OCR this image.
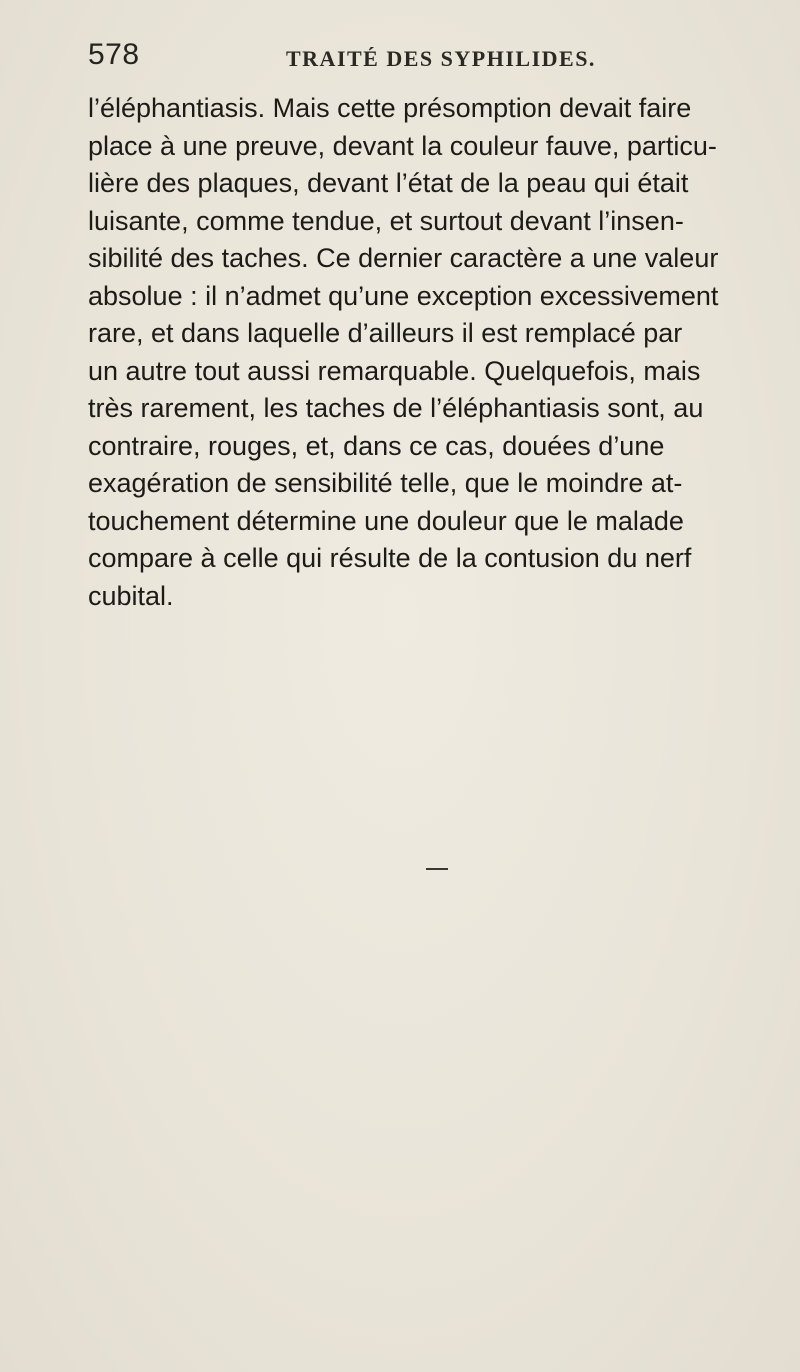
578	TRAITÉ DES SYPHILIDES.

l’éléphantiasis. Mais cette présomption devait faire
place à une preuve, devant la couleur fauve, particu-
lière des plaques, devant l’état de la peau qui était
luisante, comme tendue, et surtout devant l’insen-
sibilité des taches. Ce dernier caractère a une valeur
absolue : il n’admet qu’une exception excessivement
rare, et dans laquelle d’ailleurs il est remplacé par
un autre tout aussi remarquable. Quelquefois, mais
très rarement, les taches de l’éléphantiasis sont, au
contraire, rouges, et, dans ce cas, douées d’une
exagération de sensibilité telle, que le moindre at-
touchement détermine une douleur que le malade
compare à celle qui résulte de la contusion du nerf
cubital.
